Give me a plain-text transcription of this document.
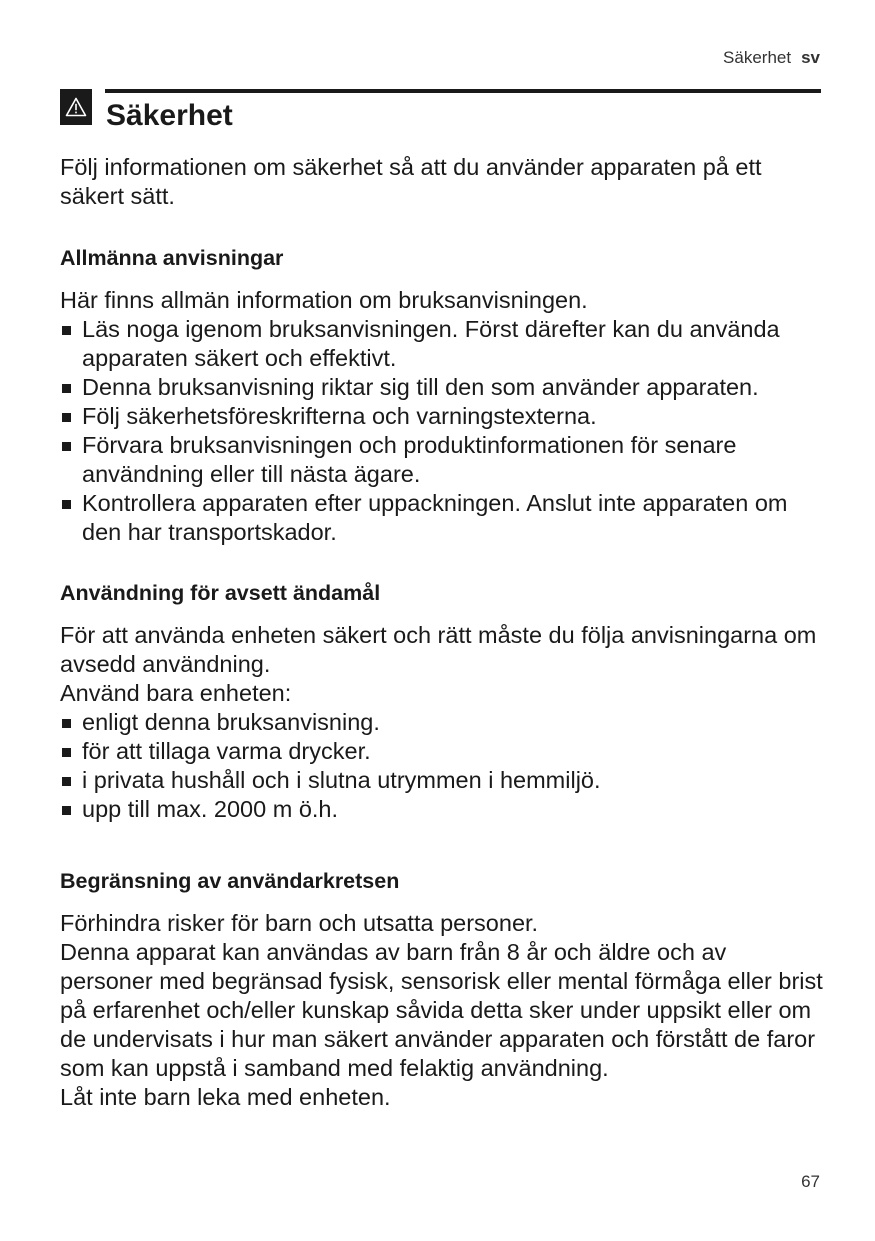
Säkerhet sv
Säkerhet

Följ informationen om säkerhet så att du använder apparaten på ett säkert sätt.

Allmänna anvisningar

Här finns allmän information om bruksanvisningen.

Läs noga igenom bruksanvisningen. Först därefter kan du använda apparaten säkert och effektivt.
Denna bruksanvisning riktar sig till den som använder apparaten.
Följ säkerhetsföreskrifterna och varningstexterna.
Förvara bruksanvisningen och produktinformationen för senare användning eller till nästa ägare.
Kontrollera apparaten efter uppackningen. Anslut inte apparaten om den har transportskador.
Användning för avsett ändamål

För att använda enheten säkert och rätt måste du följa anvisningarna om avsedd användning.

Använd bara enheten:

enligt denna bruksanvisning.
för att tillaga varma drycker.
i privata hushåll och i slutna utrymmen i hemmiljö.
upp till max. 2000 m ö.h.
Begränsning av användarkretsen

Förhindra risker för barn och utsatta personer.

Denna apparat kan användas av barn från 8 år och äldre och av personer med begränsad fysisk, sensorisk eller mental förmåga eller brist på erfarenhet och/eller kunskap såvida detta sker under uppsikt eller om de undervisats i hur man säkert använder apparaten och förstått de faror som kan uppstå i samband med felaktig användning.

Låt inte barn leka med enheten.

67
